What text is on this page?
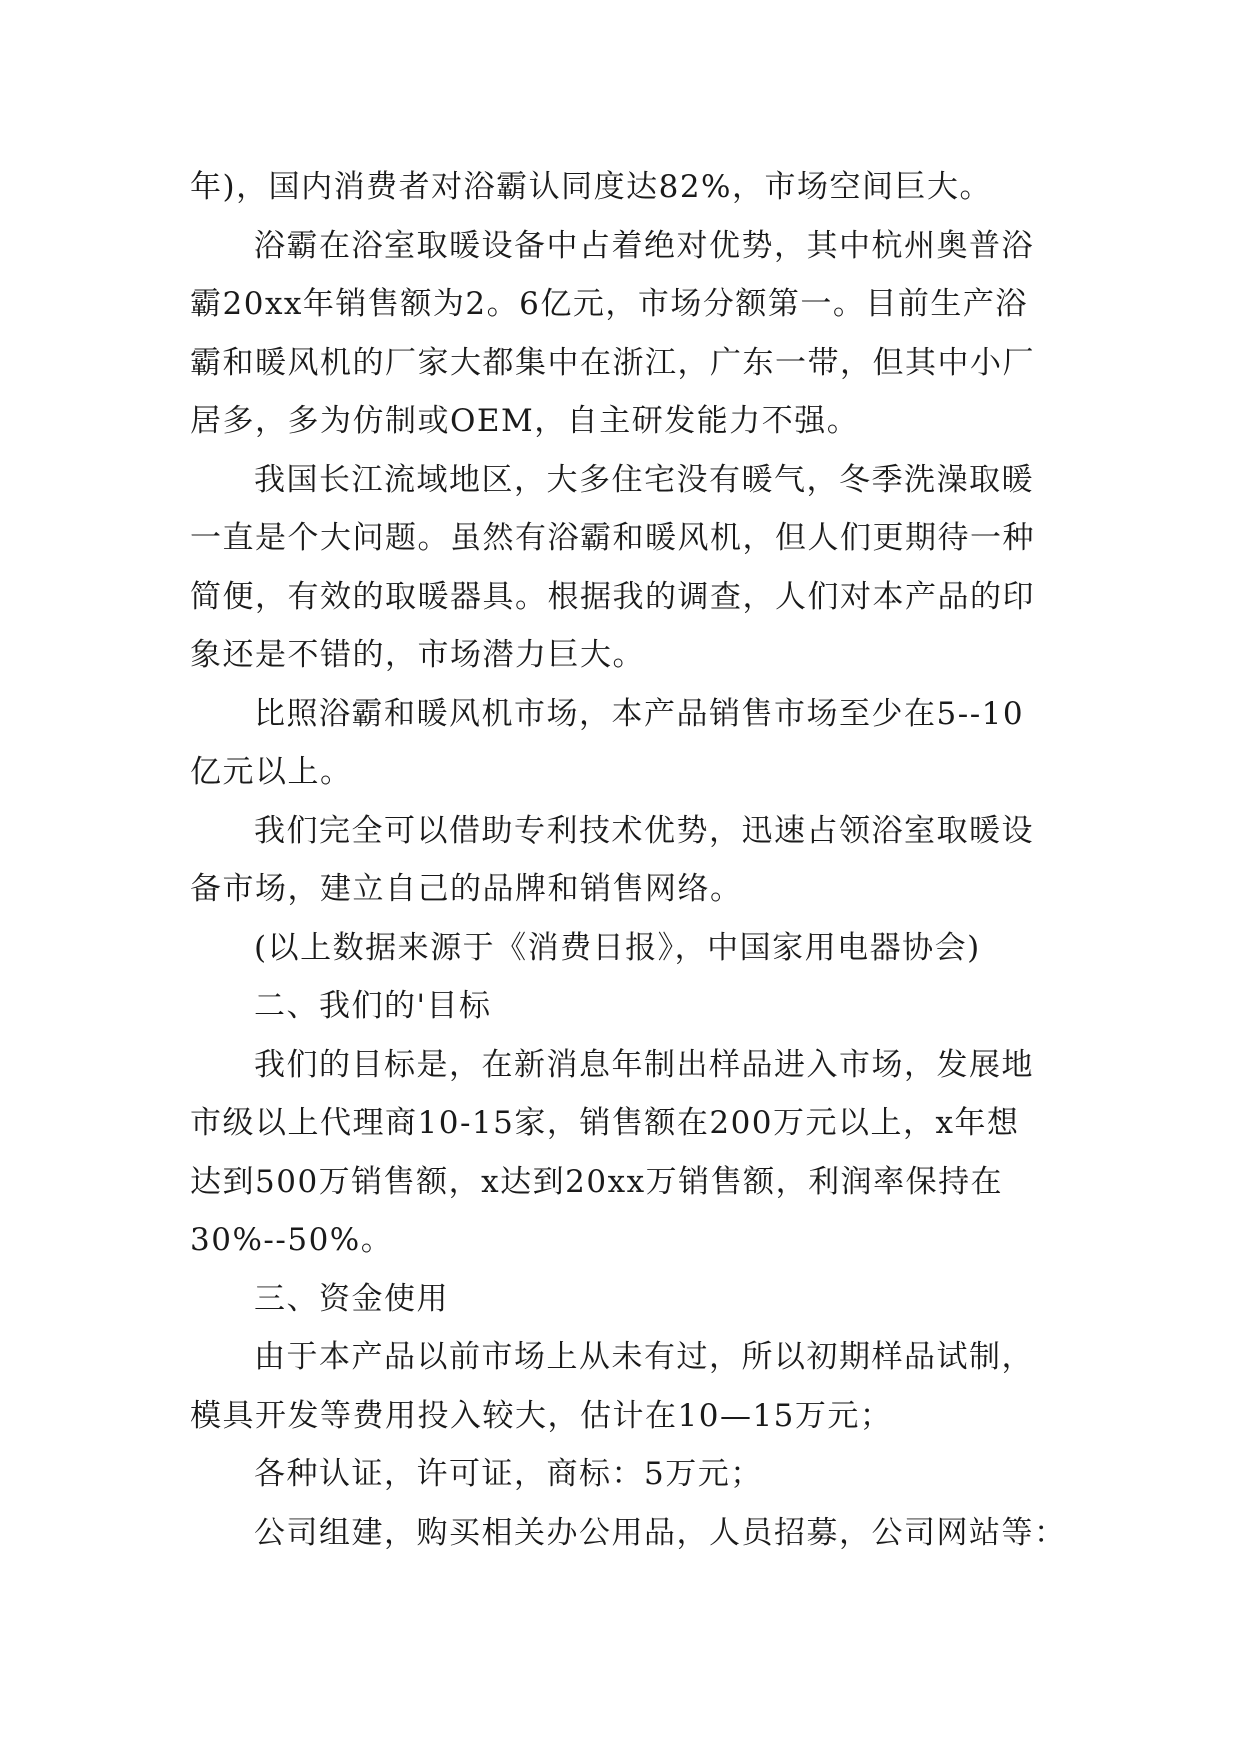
年)，国内消费者对浴霸认同度达82%，市场空间巨大。
浴霸在浴室取暖设备中占着绝对优势，其中杭州奥普浴
霸20xx年销售额为2。6亿元，市场分额第一。目前生产浴
霸和暖风机的厂家大都集中在浙江，广东一带，但其中小厂
居多，多为仿制或OEM，自主研发能力不强。
我国长江流域地区，大多住宅没有暖气，冬季洗澡取暖
一直是个大问题。虽然有浴霸和暖风机，但人们更期待一种
简便，有效的取暖器具。根据我的调查，人们对本产品的印
象还是不错的，市场潜力巨大。
比照浴霸和暖风机市场，本产品销售市场至少在5--10
亿元以上。
我们完全可以借助专利技术优势，迅速占领浴室取暖设
备市场，建立自己的品牌和销售网络。
(以上数据来源于《消费日报》，中国家用电器协会)
二、我们的'目标
我们的目标是，在新消息年制出样品进入市场，发展地
市级以上代理商10-15家，销售额在200万元以上，x年想
达到500万销售额，x达到20xx万销售额，利润率保持在
30%--50%。
三、资金使用
由于本产品以前市场上从未有过，所以初期样品试制，
模具开发等费用投入较大，估计在10—15万元；
各种认证，许可证，商标：5万元；
公司组建，购买相关办公用品，人员招募，公司网站等：
